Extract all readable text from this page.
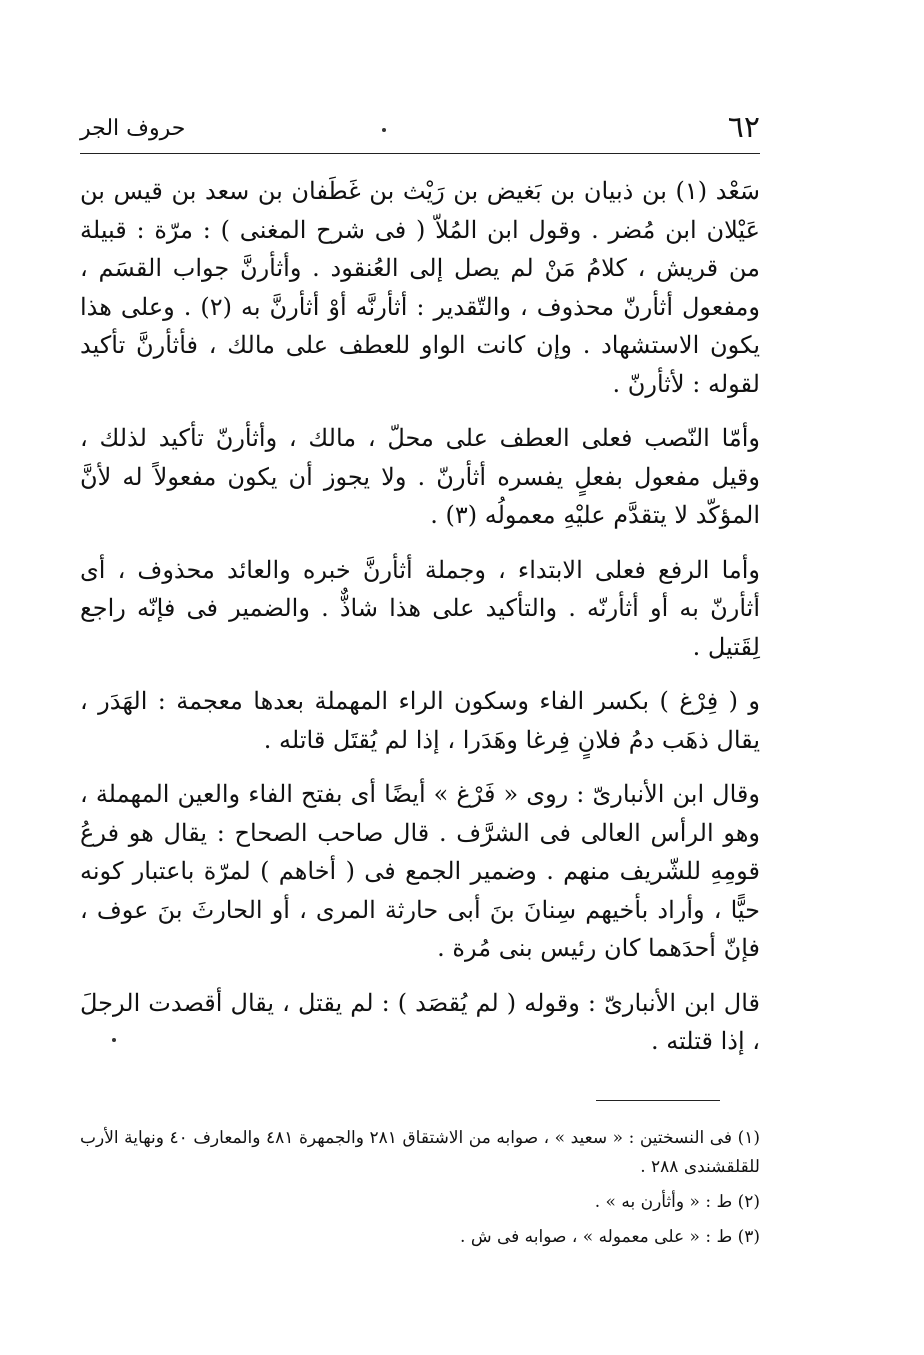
٦٢
حروف الجر

سَعْد (١) بن ذبيان بن بَغيض بن رَيْث بن غَطَفان بن سعد بن قيس بن عَيْلان ابن مُضر . وقول ابن المُلاّ ( فى شرح المغنى ) : مرّة : قبيلة من قريش ، كلامُ مَنْ لم يصل إلى العُنقود . وأثأرنَّ جواب القسَم ، ومفعول أثأرنّ محذوف ، والتّقدير : أثأرنَّه أوْ أثأرنَّ به (٢) . وعلى هذا يكون الاستشهاد . وإن كانت الواو للعطف على مالك ، فأثأرنَّ تأكيد لقوله : لأثأرنّ .

وأمّا النّصب فعلى العطف على محلّ ، مالك ، وأثأرنّ تأكيد لذلك ، وقيل مفعول بفعلٍ يفسره أثأرنّ . ولا يجوز أن يكون مفعولاً له لأنَّ المؤكّد لا يتقدَّم عليْهِ معمولُه (٣) .

وأما الرفع فعلى الابتداء ، وجملة أثأرنَّ خبره والعائد محذوف ، أى أثأرنّ به أو أثأرنّه . والتأكيد على هذا شاذٌّ . والضمير فى فإنّه راجع لِقَتيل .

و ( فِرْغ ) بكسر الفاء وسكون الراء المهملة بعدها معجمة : الهَدَر ، يقال ذهَب دمُ فلانٍ فِرغا وهَدَرا ، إذا لم يُقتَل قاتله .

وقال ابن الأنبارىّ : روى « فَرْغ » أيضًا أى بفتح الفاء والعين المهملة ، وهو الرأس العالى فى الشرَّف . قال صاحب الصحاح : يقال هو فرعُ قومِهِ للشّريف منهم . وضمير الجمع فى ( أخاهم ) لمرّة باعتبار كونه حيًّا ، وأراد بأخيهم سِنانَ بنَ أبى حارثة المرى ، أو الحارثَ بنَ عوف ، فإنّ أحدَهما كان رئيس بنى مُرة .

قال ابن الأنبارىّ : وقوله ( لم يُقصَد ) : لم يقتل ، يقال أقصدت الرجلَ ، إذا قتلته .

(١) فى النسختين : « سعيد » ، صوابه من الاشتقاق ٢٨١ والجمهرة ٤٨١ والمعارف ٤٠ ونهاية الأرب للقلقشندى ٢٨٨ .

(٢) ط : « وأثأرن به » .

(٣) ط : « على معموله » ، صوابه فى ش .
